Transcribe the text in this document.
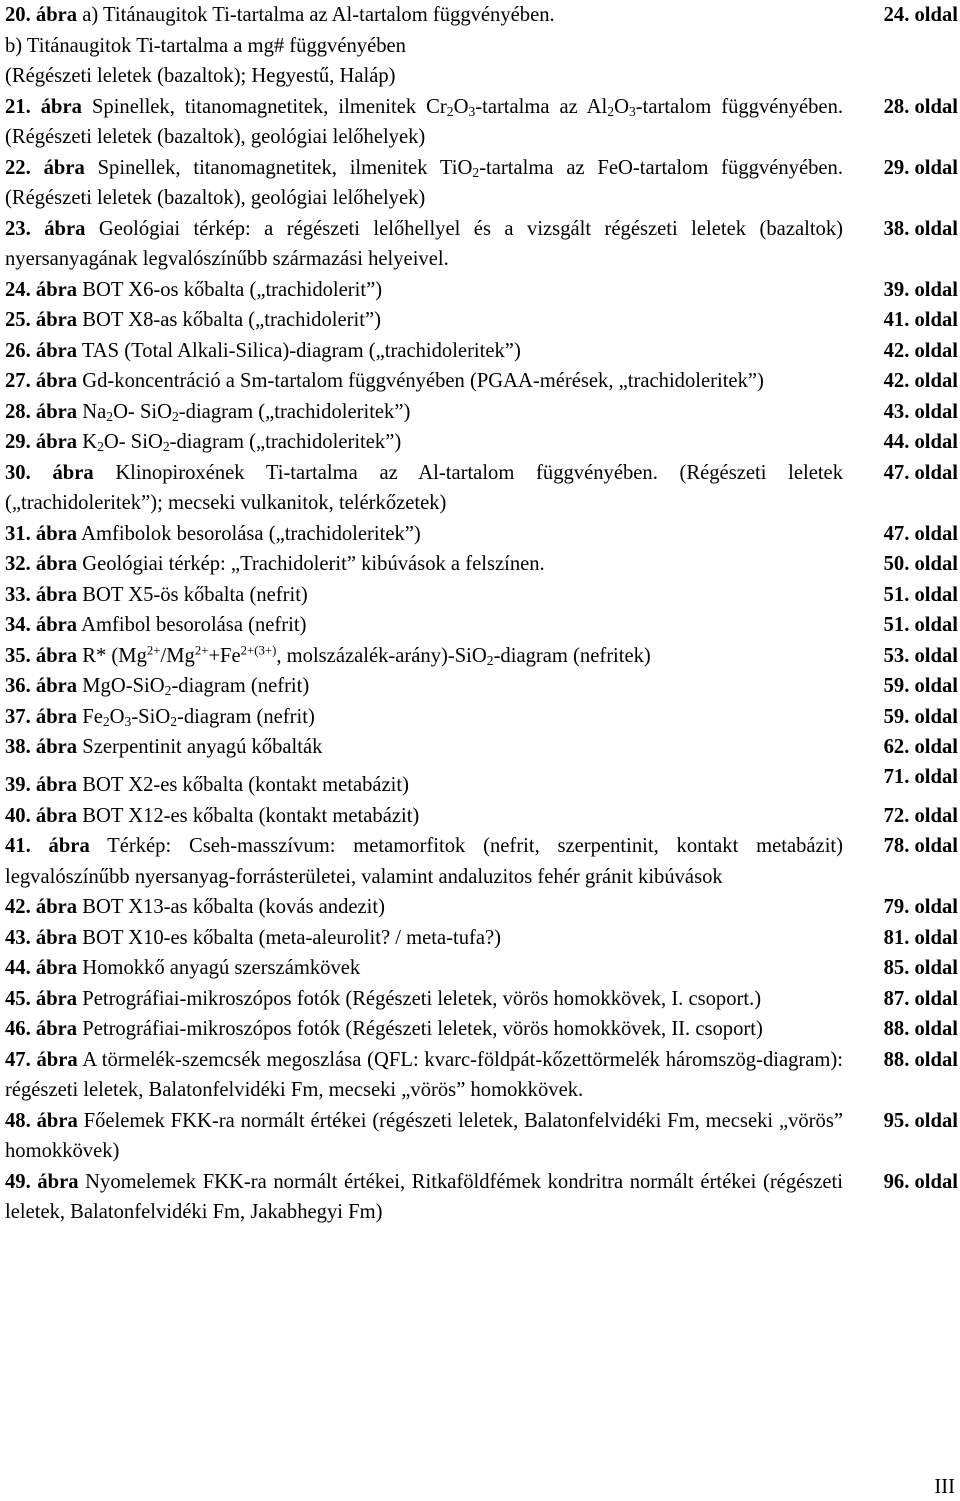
20. ábra a) Titánaugitok Ti-tartalma az Al-tartalom függvényében.
b) Titánaugitok Ti-tartalma a mg# függvényében
(Régészeti leletek (bazaltok); Hegyestű, Haláp)
24. oldal
21. ábra Spinellek, titanomagnetitek, ilmenitek $Cr_2O_3$-tartalma az $Al_2O_3$-tartalom függvényében. (Régészeti leletek (bazaltok), geológiai lelőhelyek)
28. oldal
22. ábra Spinellek, titanomagnetitek, ilmenitek TiO$_2$-tartalma az FeO-tartalom függvényében. (Régészeti leletek (bazaltok), geológiai lelőhelyek)
29. oldal
23. ábra Geológiai térkép: a régészeti lelőhellyel és a vizsgált régészeti leletek (bazaltok) nyersanyagának legvalószínűbb származási helyeivel.
38. oldal
24. ábra BOT X6-os kőbalta („trachidolerit”)	39. oldal
25. ábra BOT X8-as kőbalta („trachidolerit”)	41. oldal
26. ábra TAS (Total Alkali-Silica)-diagram („trachidoleritek”)	42. oldal
27. ábra Gd-koncentráció a Sm-tartalom függvényében (PGAA-mérések, „trachidoleritek”)	42. oldal
28. ábra $Na_2O-$ SiO$_2$-diagram („trachidoleritek”)	43. oldal
29. ábra $K_2O-$ SiO$_2$-diagram („trachidoleritek”)	44. oldal
30. ábra Klinopiroxének Ti-tartalma az Al-tartalom függvényében. (Régészeti leletek („trachidoleritek”); mecseki vulkanitok, telérkőzetek)
47. oldal
31. ábra Amfibolok besorolása („trachidoleritek”)	47. oldal
32. ábra Geológiai térkép: „Trachidolerit” kibúvások a felszínen.	50. oldal
33. ábra BOT X5-ös kőbalta (nefrit)	51. oldal
34. ábra Amfibol besorolása (nefrit)	51. oldal
35. ábra R* ($Mg^{2+}/Mg^{2+}+Fe^{2+(3+)}$, molszázalék-arány)-SiO$_2$-diagram (nefritek)	53. oldal
36. ábra MgO-SiO$_2$-diagram (nefrit)	59. oldal
37. ábra $Fe_2O_3-SiO_2$-diagram (nefrit)	59. oldal
38. ábra Szerpentinit anyagú kőbalták	62. oldal
39. ábra BOT X2-es kőbalta (kontakt metabázit)	71. oldal
40. ábra BOT X12-es kőbalta (kontakt metabázit)	72. oldal
41. ábra Térkép: Cseh-masszívum: metamorfitok (nefrit, szerpentinit, kontakt metabázit) legvalószínűbb nyersanyag-forrásterületei, valamint andaluzitos fehér gránit kibúvások
78. oldal
42. ábra BOT X13-as kőbalta (kovás andezit)	79. oldal
43. ábra BOT X10-es kőbalta (meta-aleurolit? / meta-tufa?)	81. oldal
44. ábra Homokkő anyagú szerszámkövek	85. oldal
45. ábra Petrográfiai-mikroszópos fotók (Régészeti leletek, vörös homokkövek, I. csoport.)	87. oldal
46. ábra Petrográfiai-mikroszópos fotók (Régészeti leletek, vörös homokkövek, II. csoport)	88. oldal
47. ábra A törmelék-szemcsék megoszlása (QFL: kvarc-földpát-kőzettörmelék háromszög-diagram): régészeti leletek, Balatonfelvidéki Fm, mecseki „vörös” homokkövek.
88. oldal
48. ábra Főelemek FKK-ra normált értékei (régészeti leletek, Balatonfelvidéki Fm, mecseki „vörös” homokkövek)
95. oldal
49. ábra Nyomelemek FKK-ra normált értékei, Ritkaföldfémek kondritra normált értékei (régészeti leletek, Balatonfelvidéki Fm, Jakabhegyi Fm)
96. oldal
III
